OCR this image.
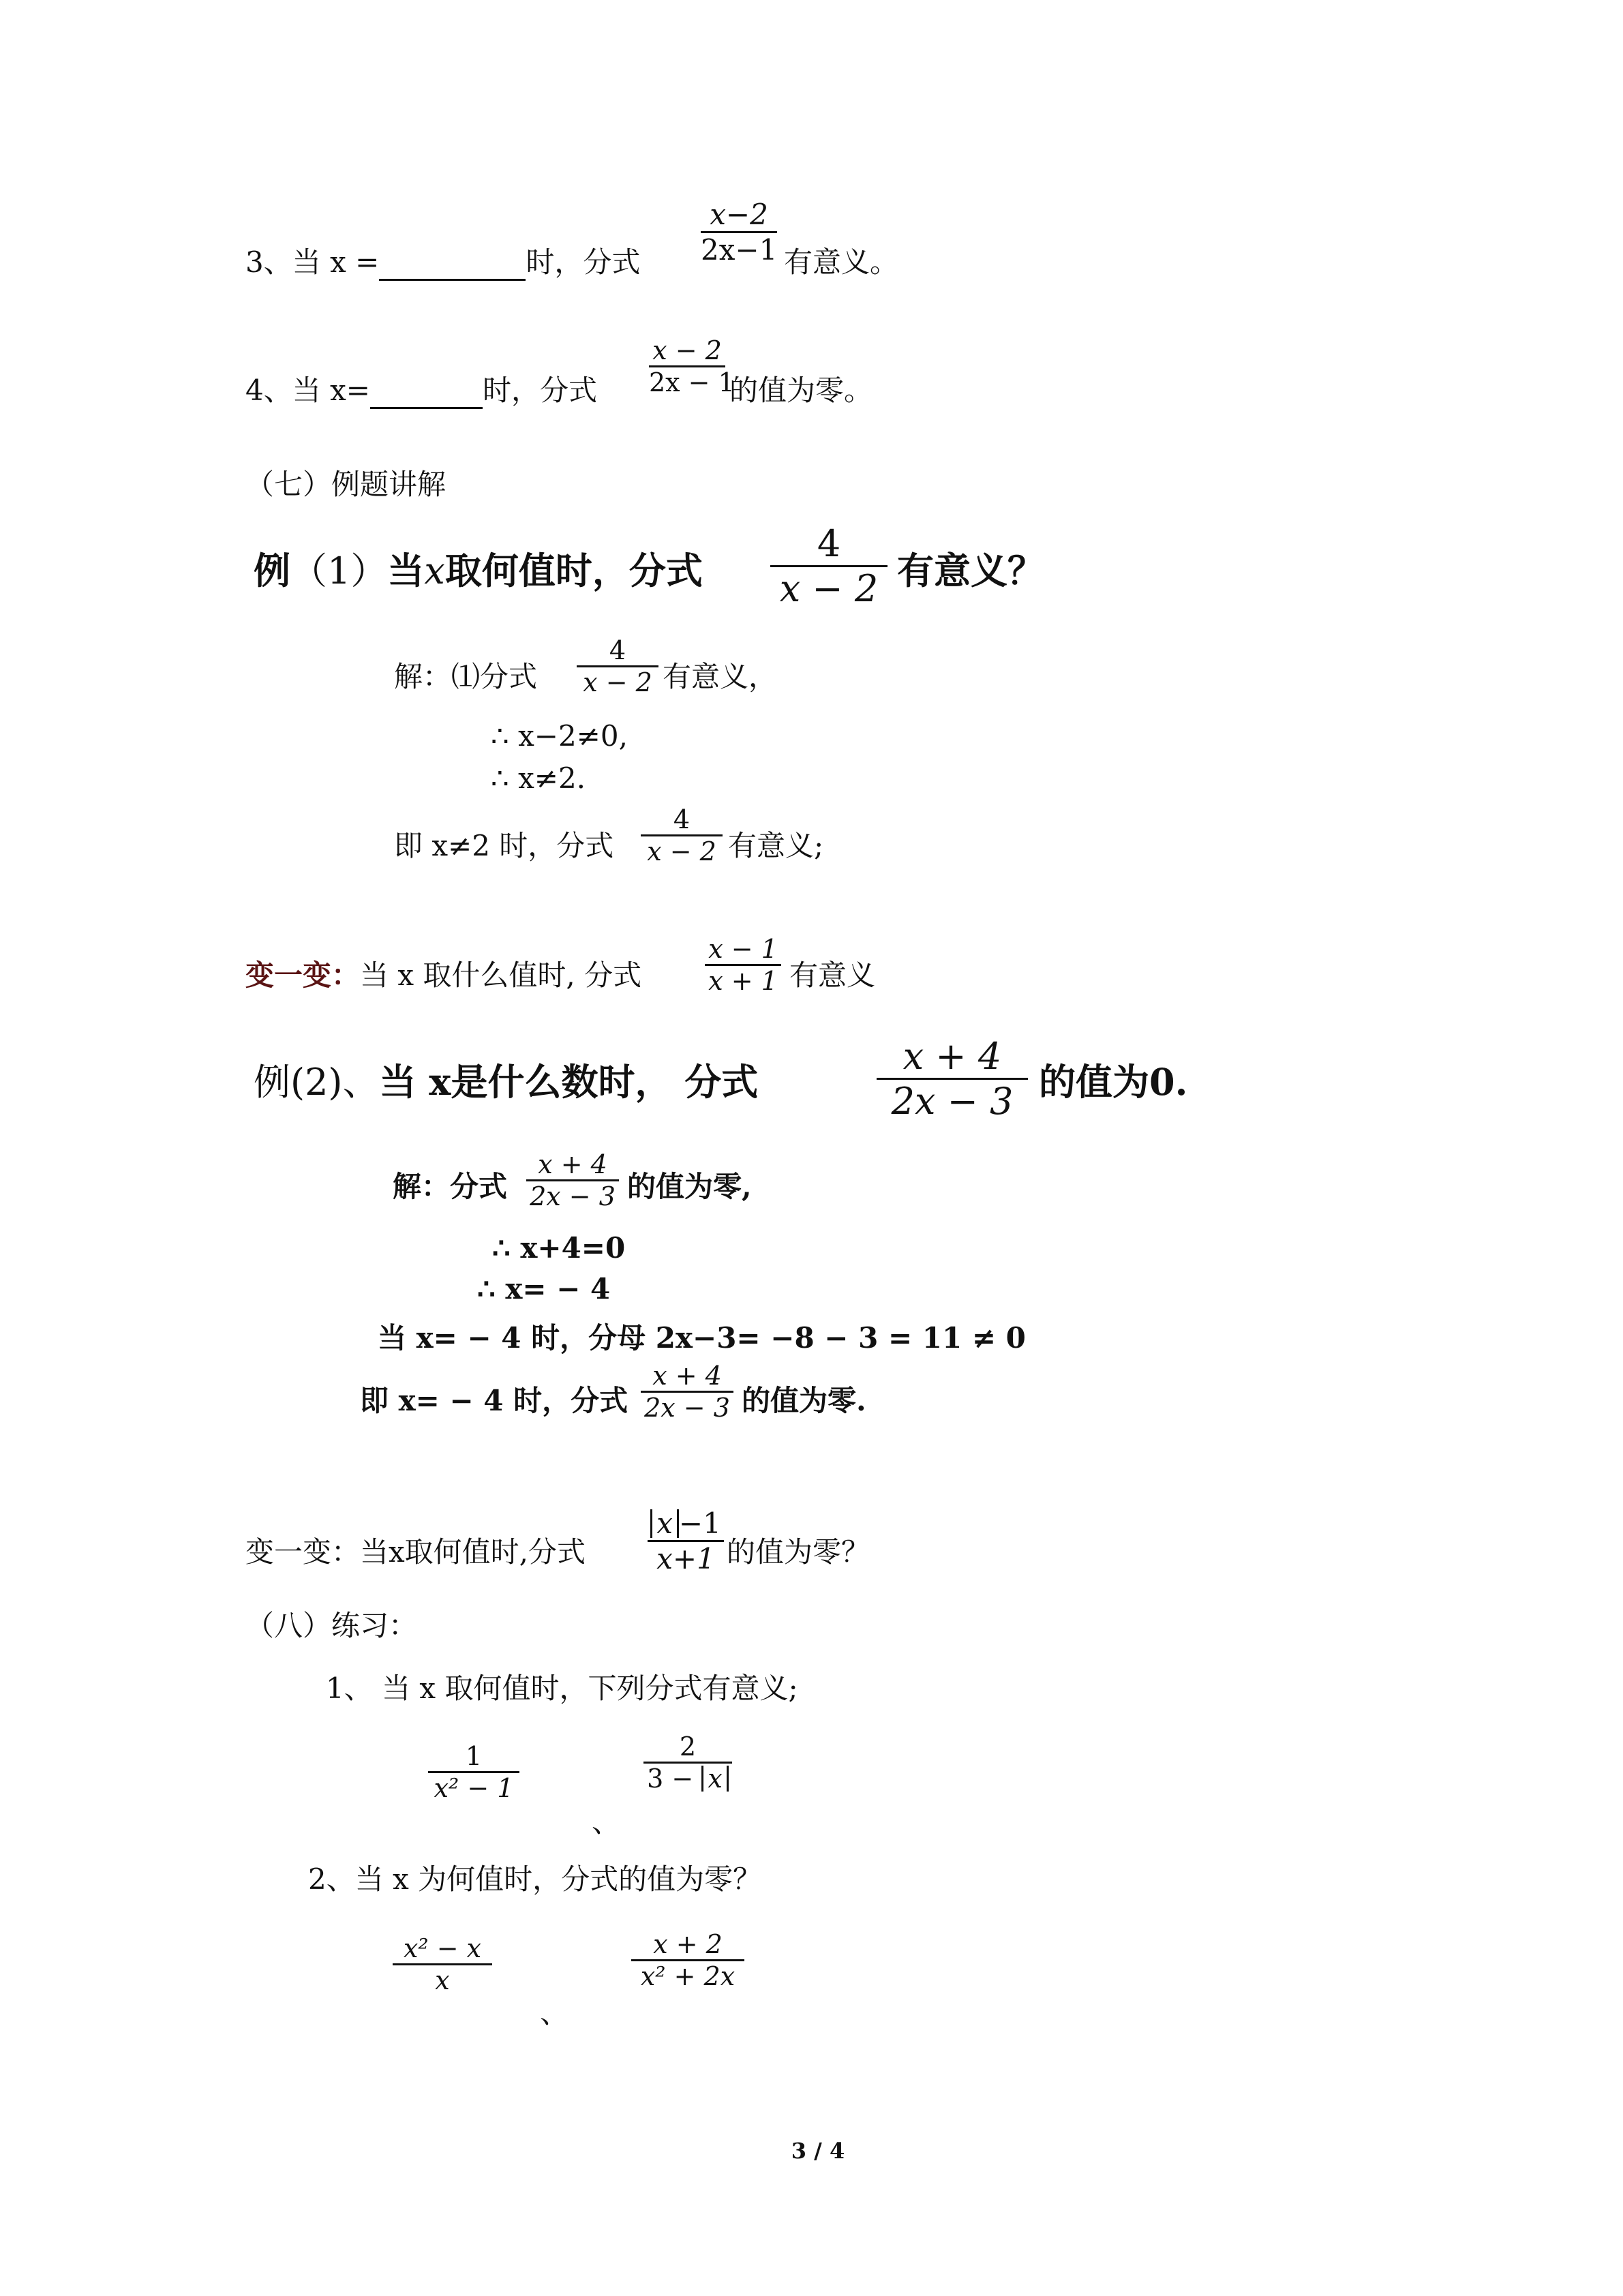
3、当 x =	时，分式
x−2
2x−1 有意义。
4、当 x=	时，分式
x − 2
2x − 1
的值为零。
（七）例题讲解
例（1）当x取何值时，分式
4
x − 2 有意义？
解：⑴分式
4
x − 2 有意义，
∴ x−2≠0,
∴ x≠2.
即 x≠2 时，分式
4
x − 2 有意义;
变一变：当 x 取什么值时, 分式
x − 1
x + 1 有意义
例(2)、当 x是什么数时， 分式
x + 4
2x − 3 的值为0.
解：分式
x + 4
2x − 3 的值为零,
∴ x+4=0
∴ x= − 4
当 x= − 4 时，分母 2x−3= −8 − 3 = 11 ≠ 0
即 x= − 4 时，分式
x + 4
2x − 3 的值为零.
变一变：当x取何值时,分式
x −1
x+1 的值为零？
（八）练习：
1、 当 x 取何值时，下列分式有意义;
1
x² − 1
、
2
3 − x
2、当 x 为何值时，分式的值为零？
x² − x
x
、
x + 2
x² + 2x
3 / 4
